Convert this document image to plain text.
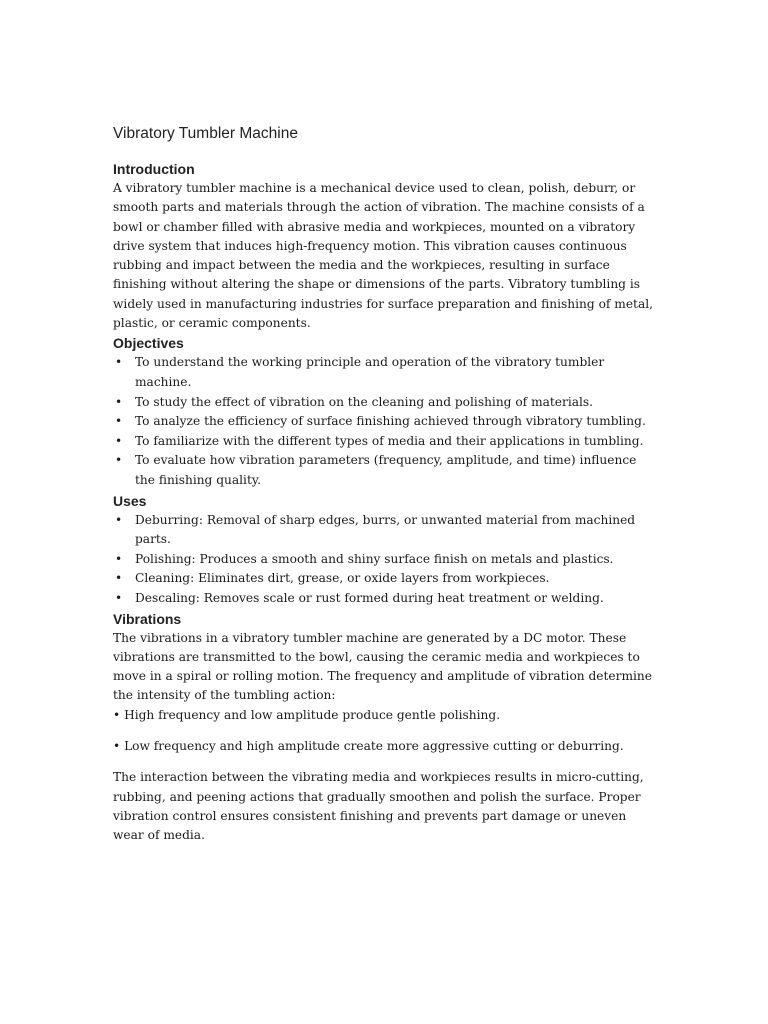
Vibratory Tumbler Machine
Introduction

A vibratory tumbler machine is a mechanical device used to clean, polish, deburr, or smooth parts and materials through the action of vibration. The machine consists of a bowl or chamber filled with abrasive media and workpieces, mounted on a vibratory drive system that induces high-frequency motion. This vibration causes continuous rubbing and impact between the media and the workpieces, resulting in surface finishing without altering the shape or dimensions of the parts. Vibratory tumbling is widely used in manufacturing industries for surface preparation and finishing of metal, plastic, or ceramic components.

Objectives
• To understand the working principle and operation of the vibratory tumbler machine.
• To study the effect of vibration on the cleaning and polishing of materials.
• To analyze the efficiency of surface finishing achieved through vibratory tumbling.
• To familiarize with the different types of media and their applications in tumbling.
• To evaluate how vibration parameters (frequency, amplitude, and time) influence the finishing quality.
Uses
• Deburring: Removal of sharp edges, burrs, or unwanted material from machined parts.
• Polishing: Produces a smooth and shiny surface finish on metals and plastics.
• Cleaning: Eliminates dirt, grease, or oxide layers from workpieces.
• Descaling: Removes scale or rust formed during heat treatment or welding.
Vibrations

The vibrations in a vibratory tumbler machine are generated by a DC motor. These vibrations are transmitted to the bowl, causing the ceramic media and workpieces to move in a spiral or rolling motion. The frequency and amplitude of vibration determine the intensity of the tumbling action:

• High frequency and low amplitude produce gentle polishing.

• Low frequency and high amplitude create more aggressive cutting or deburring.

The interaction between the vibrating media and workpieces results in micro-cutting, rubbing, and peening actions that gradually smoothen and polish the surface. Proper vibration control ensures consistent finishing and prevents part damage or uneven wear of media.
